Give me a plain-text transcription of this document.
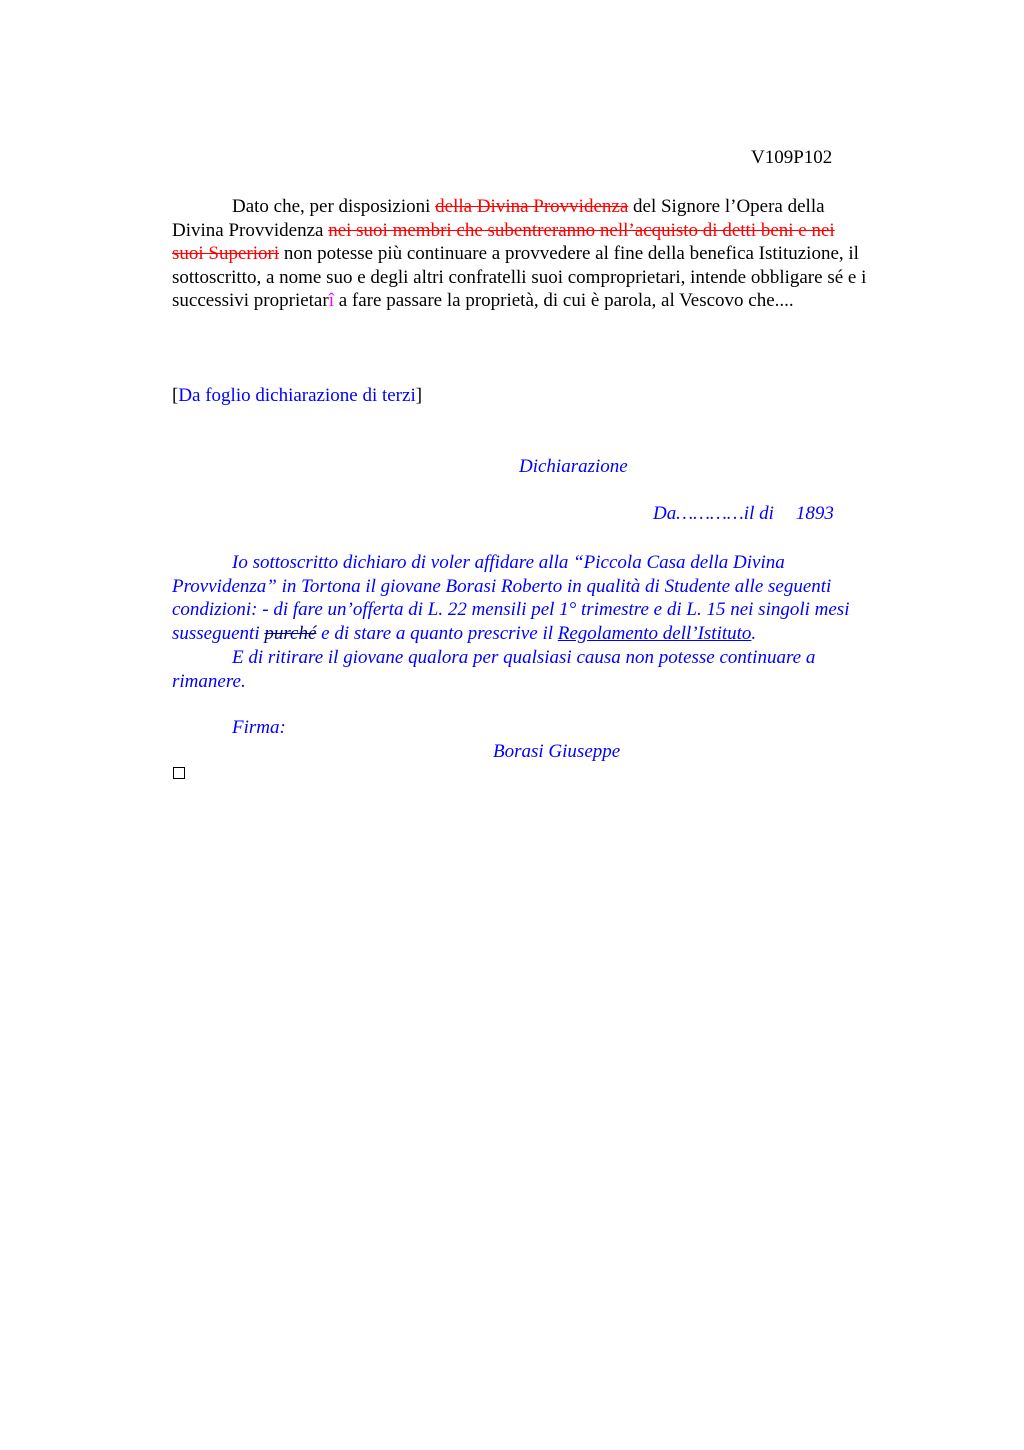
V109P102
Dato che, per disposizioni della Divina Provvidenza del Signore l’Opera della
Divina Provvidenza nei suoi membri che subentreranno nell’acquisto di detti beni e nei
suoi Superiori non potesse più continuare a provvedere al fine della benefica Istituzione, il
sottoscritto, a nome suo e degli altri confratelli suoi comproprietari, intende obbligare sé e i
successivi proprietarî a fare passare la proprietà, di cui è parola, al Vescovo che....
[Da foglio dichiarazione di terzi]
Dichiarazione
Da…………il di 1893
Io sottoscritto dichiaro di voler affidare alla “Piccola Casa della Divina
Provvidenza” in Tortona il giovane Borasi Roberto in qualità di Studente alle seguenti
condizioni: - di fare un’offerta di L. 22 mensili pel 1° trimestre e di L. 15 nei singoli mesi
susseguenti purché e di stare a quanto prescrive il Regolamento dell’Istituto.
E di ritirare il giovane qualora per qualsiasi causa non potesse continuare a
rimanere.
Firma:
Borasi Giuseppe
